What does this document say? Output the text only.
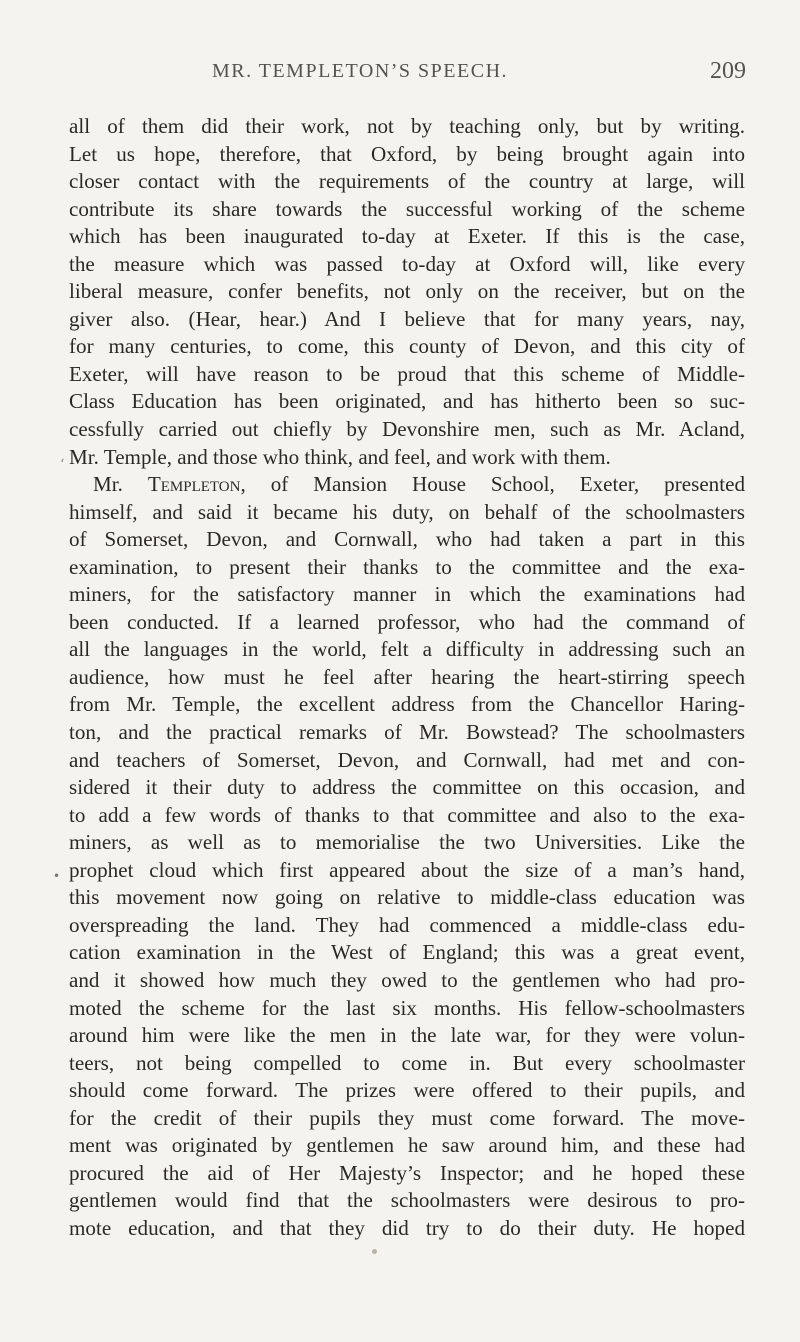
MR. TEMPLETON’S SPEECH.	209
‘
•
all of them did their work, not by teaching only, but by writing.
Let us hope, therefore, that Oxford, by being brought again into
closer contact with the requirements of the country at large, will
contribute its share towards the successful working of the scheme
which has been inaugurated to-day at Exeter. If this is the case,
the measure which was passed to-day at Oxford will, like every
liberal measure, confer benefits, not only on the receiver, but on the
giver also. (Hear, hear.) And I believe that for many years, nay,
for many centuries, to come, this county of Devon, and this city of
Exeter, will have reason to be proud that this scheme of Middle-
Class Education has been originated, and has hitherto been so suc-
cessfully carried out chiefly by Devonshire men, such as Mr. Acland,
Mr. Temple, and those who think, and feel, and work with them.
Mr. Templeton, of Mansion House School, Exeter, presented
himself, and said it became his duty, on behalf of the schoolmasters
of Somerset, Devon, and Cornwall, who had taken a part in this
examination, to present their thanks to the committee and the exa-
miners, for the satisfactory manner in which the examinations had
been conducted. If a learned professor, who had the command of
all the languages in the world, felt a difficulty in addressing such an
audience, how must he feel after hearing the heart-stirring speech
from Mr. Temple, the excellent address from the Chancellor Haring-
ton, and the practical remarks of Mr. Bowstead? The schoolmasters
and teachers of Somerset, Devon, and Cornwall, had met and con-
sidered it their duty to address the committee on this occasion, and
to add a few words of thanks to that committee and also to the exa-
miners, as well as to memorialise the two Universities. Like the
prophet cloud which first appeared about the size of a man’s hand,
this movement now going on relative to middle-class education was
overspreading the land. They had commenced a middle-class edu-
cation examination in the West of England; this was a great event,
and it showed how much they owed to the gentlemen who had pro-
moted the scheme for the last six months. His fellow-schoolmasters
around him were like the men in the late war, for they were volun-
teers, not being compelled to come in. But every schoolmaster
should come forward. The prizes were offered to their pupils, and
for the credit of their pupils they must come forward. The move-
ment was originated by gentlemen he saw around him, and these had
procured the aid of Her Majesty’s Inspector; and he hoped these
gentlemen would find that the schoolmasters were desirous to pro-
mote education, and that they did try to do their duty. He hoped
